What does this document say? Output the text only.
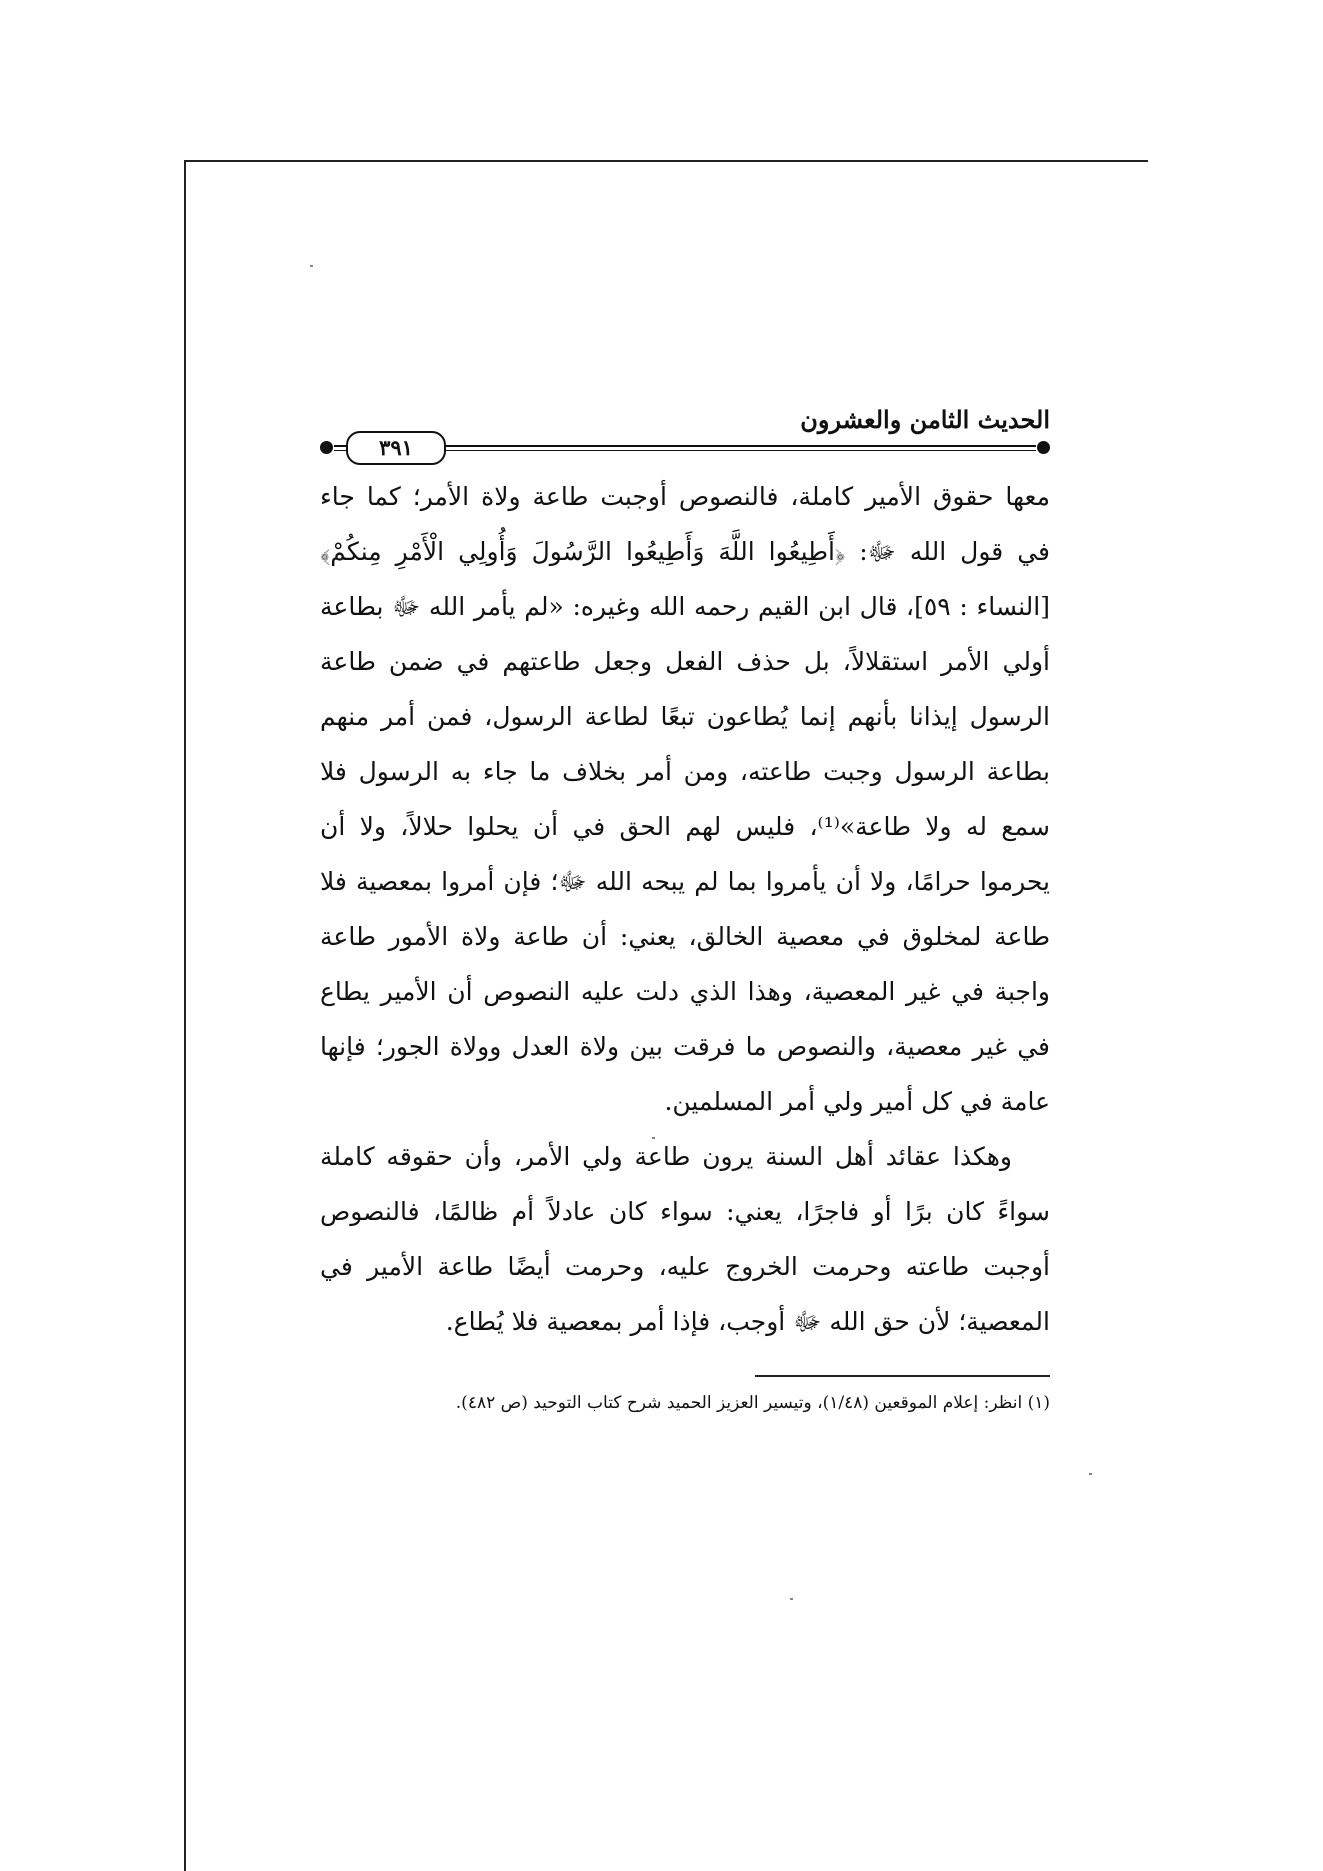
الحديث الثامن والعشرون
٣٩١

معها حقوق الأمير كاملة، فالنصوص أوجبت طاعة ولاة الأمر؛ كما جاء في قول الله ﷻ: ﴿أَطِيعُوا اللَّهَ وَأَطِيعُوا الرَّسُولَ وَأُولِي الْأَمْرِ مِنكُمْ﴾[النساء : ٥٩]، قال ابن القيم رحمه الله وغيره: «لم يأمر الله ﷻ بطاعة أولي الأمر استقلالاً، بل حذف الفعل وجعل طاعتهم في ضمن طاعة الرسول إيذانا بأنهم إنما يُطاعون تبعًا لطاعة الرسول، فمن أمر منهم بطاعة الرسول وجبت طاعته، ومن أمر بخلاف ما جاء به الرسول فلا سمع له ولا طاعة»⁽¹⁾، فليس لهم الحق في أن يحلوا حلالاً، ولا أن يحرموا حرامًا، ولا أن يأمروا بما لم يبحه الله ﷻ؛ فإن أمروا بمعصية فلا طاعة لمخلوق في معصية الخالق، يعني: أن طاعة ولاة الأمور طاعة واجبة في غير المعصية، وهذا الذي دلت عليه النصوص أن الأمير يطاع في غير معصية، والنصوص ما فرقت بين ولاة العدل وولاة الجور؛ فإنها عامة في كل أمير ولي أمر المسلمين.

وهكذا عقائد أهل السنة يرون طاعة ولي الأمر، وأن حقوقه كاملة سواءً كان برًا أو فاجرًا، يعني: سواء كان عادلاً أم ظالمًا، فالنصوص أوجبت طاعته وحرمت الخروج عليه، وحرمت أيضًا طاعة الأمير في المعصية؛ لأن حق الله ﷻ أوجب، فإذا أمر بمعصية فلا يُطاع.

(١) انظر: إعلام الموقعين (١/٤٨)، وتيسير العزيز الحميد شرح كتاب التوحيد (ص ٤٨٢).
